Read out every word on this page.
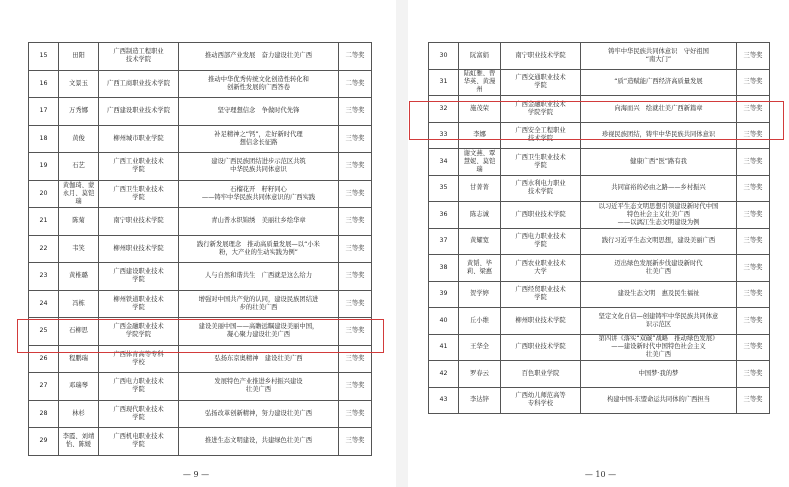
15	田阳	广西制造工程职业
技术学院	推动西部产业发展　奋力建设壮美广西	二等奖
16	文景玉	广西工商职业技术学院	推动中华优秀传统文化创造性转化和
创新性发展的广西答卷	二等奖
17	万秀娜	广西建设职业技术学院	坚守理想信念　争做时代先锋	三等奖
18	黄俊	柳州城市职业学院	补足精神之“钙”，走好新时代理
想信念长征路	三等奖
19	石艺	广西工业职业技术
学院	建设广西民族团结进步示范区共筑
中华民族共同体意识	三等奖
20	黄伽琦、蒙
永月、莫铠
瑞	广西卫生职业技术
学院	石榴花开　籽籽同心
——铸牢中华民族共同体意识的广西实践	三等奖
21	陈菊	南宁职业技术学院	青山普水织锦绣　美丽壮乡绘华章	三等奖
22	韦笑	柳州职业技术学院	践行新发展理念　推动高质量发展—以“小米
粉，大产业的生动实践为例”	三等奖
23	黄椎璐	广西建设职业技术
学院	人与自然和谐共生　广西就是这么给力	三等奖
24	冯栋	柳州铁道职业技术
学院	增强对中国共产党的认同，建设民族团结进
步的壮美广西	三等奖
25	石柳思	广西金融职业技术
学院学院	建设美丽中国——高瞻远瞩建设美丽中国，
凝心聚力建设壮美广西	三等奖
26	程鹏瑞	广西体育高等专科
学校	弘扬东京奥精神　建设壮美广西	三等奖
27	邓瑞琴	广西电力职业技术
学院	发展特色产业推进乡村振兴建设
壮美广西	三等奖
28	林杉	广西现代职业技术
学院	弘扬改革创新精神，努力建设壮美广西	三等奖
29	李霞、刘靖
怡、陈媛	广西机电职业技术
学院	推进生态文明建设，共建绿色壮美广西	三等奖
— 9 —
30	阮富娟	南宁职业技术学院	铸牢中华民族共同体意识　守好祖国
“南大门”	三等奖
31	陆虹雅、曾
华英、黄漫
州	广西交通职业技术
学院	“质”造赋能广西经济高质量发展	三等奖
32	施茂荣	广西金融职业技术
学院学院	向海而兴　绘就壮美广西新篇章	三等奖
33	李娜	广西安全工程职业
技术学院	珍视民族团结，铸牢中华民族共同体意识	三等奖
34	谢文燕、覃
慧妮、莫铠
瑞	广西卫生职业技术
学院	健康广西“医”路有我	三等奖
35	甘菁菁	广西水利电力职业
技术学院	共同富裕的必由之路——乡村振兴	三等奖
36	陈志诚	广西职业技术学院	以习近平生态文明思想引领建设新时代中国
特色社会主义壮美广西
——以漓江生态文明建设为例	三等奖
37	黄耀宽	广西电力职业技术
学院	践行习近平生态文明思想，建设美丽广西	三等奖
38	黄韬、毕
莉、梁惠	广西农业职业技术
大学	迈出绿色发展新步伐建设新时代
壮美广西	三等奖
39	贺学婷	广西经贸职业技术
学院	建设生态文明　惠及民生福祉	三等奖
40	丘小维	柳州职业技术学院	坚定文化自信—创建铸牢中华民族共同体意
识示范区	三等奖
41	王华全	广西职业技术学院	第四讲《落实“双碳”战略　推动绿色发展》
——建设新时代中国特色社会主义
壮美广西	三等奖
42	罗春云	百色职业学院	中国梦·我的梦	三等奖
43	李达锌	广西幼儿师范高等
专科学校	构建中国-东盟命运共同体的广西担当	三等奖
— 10 —
